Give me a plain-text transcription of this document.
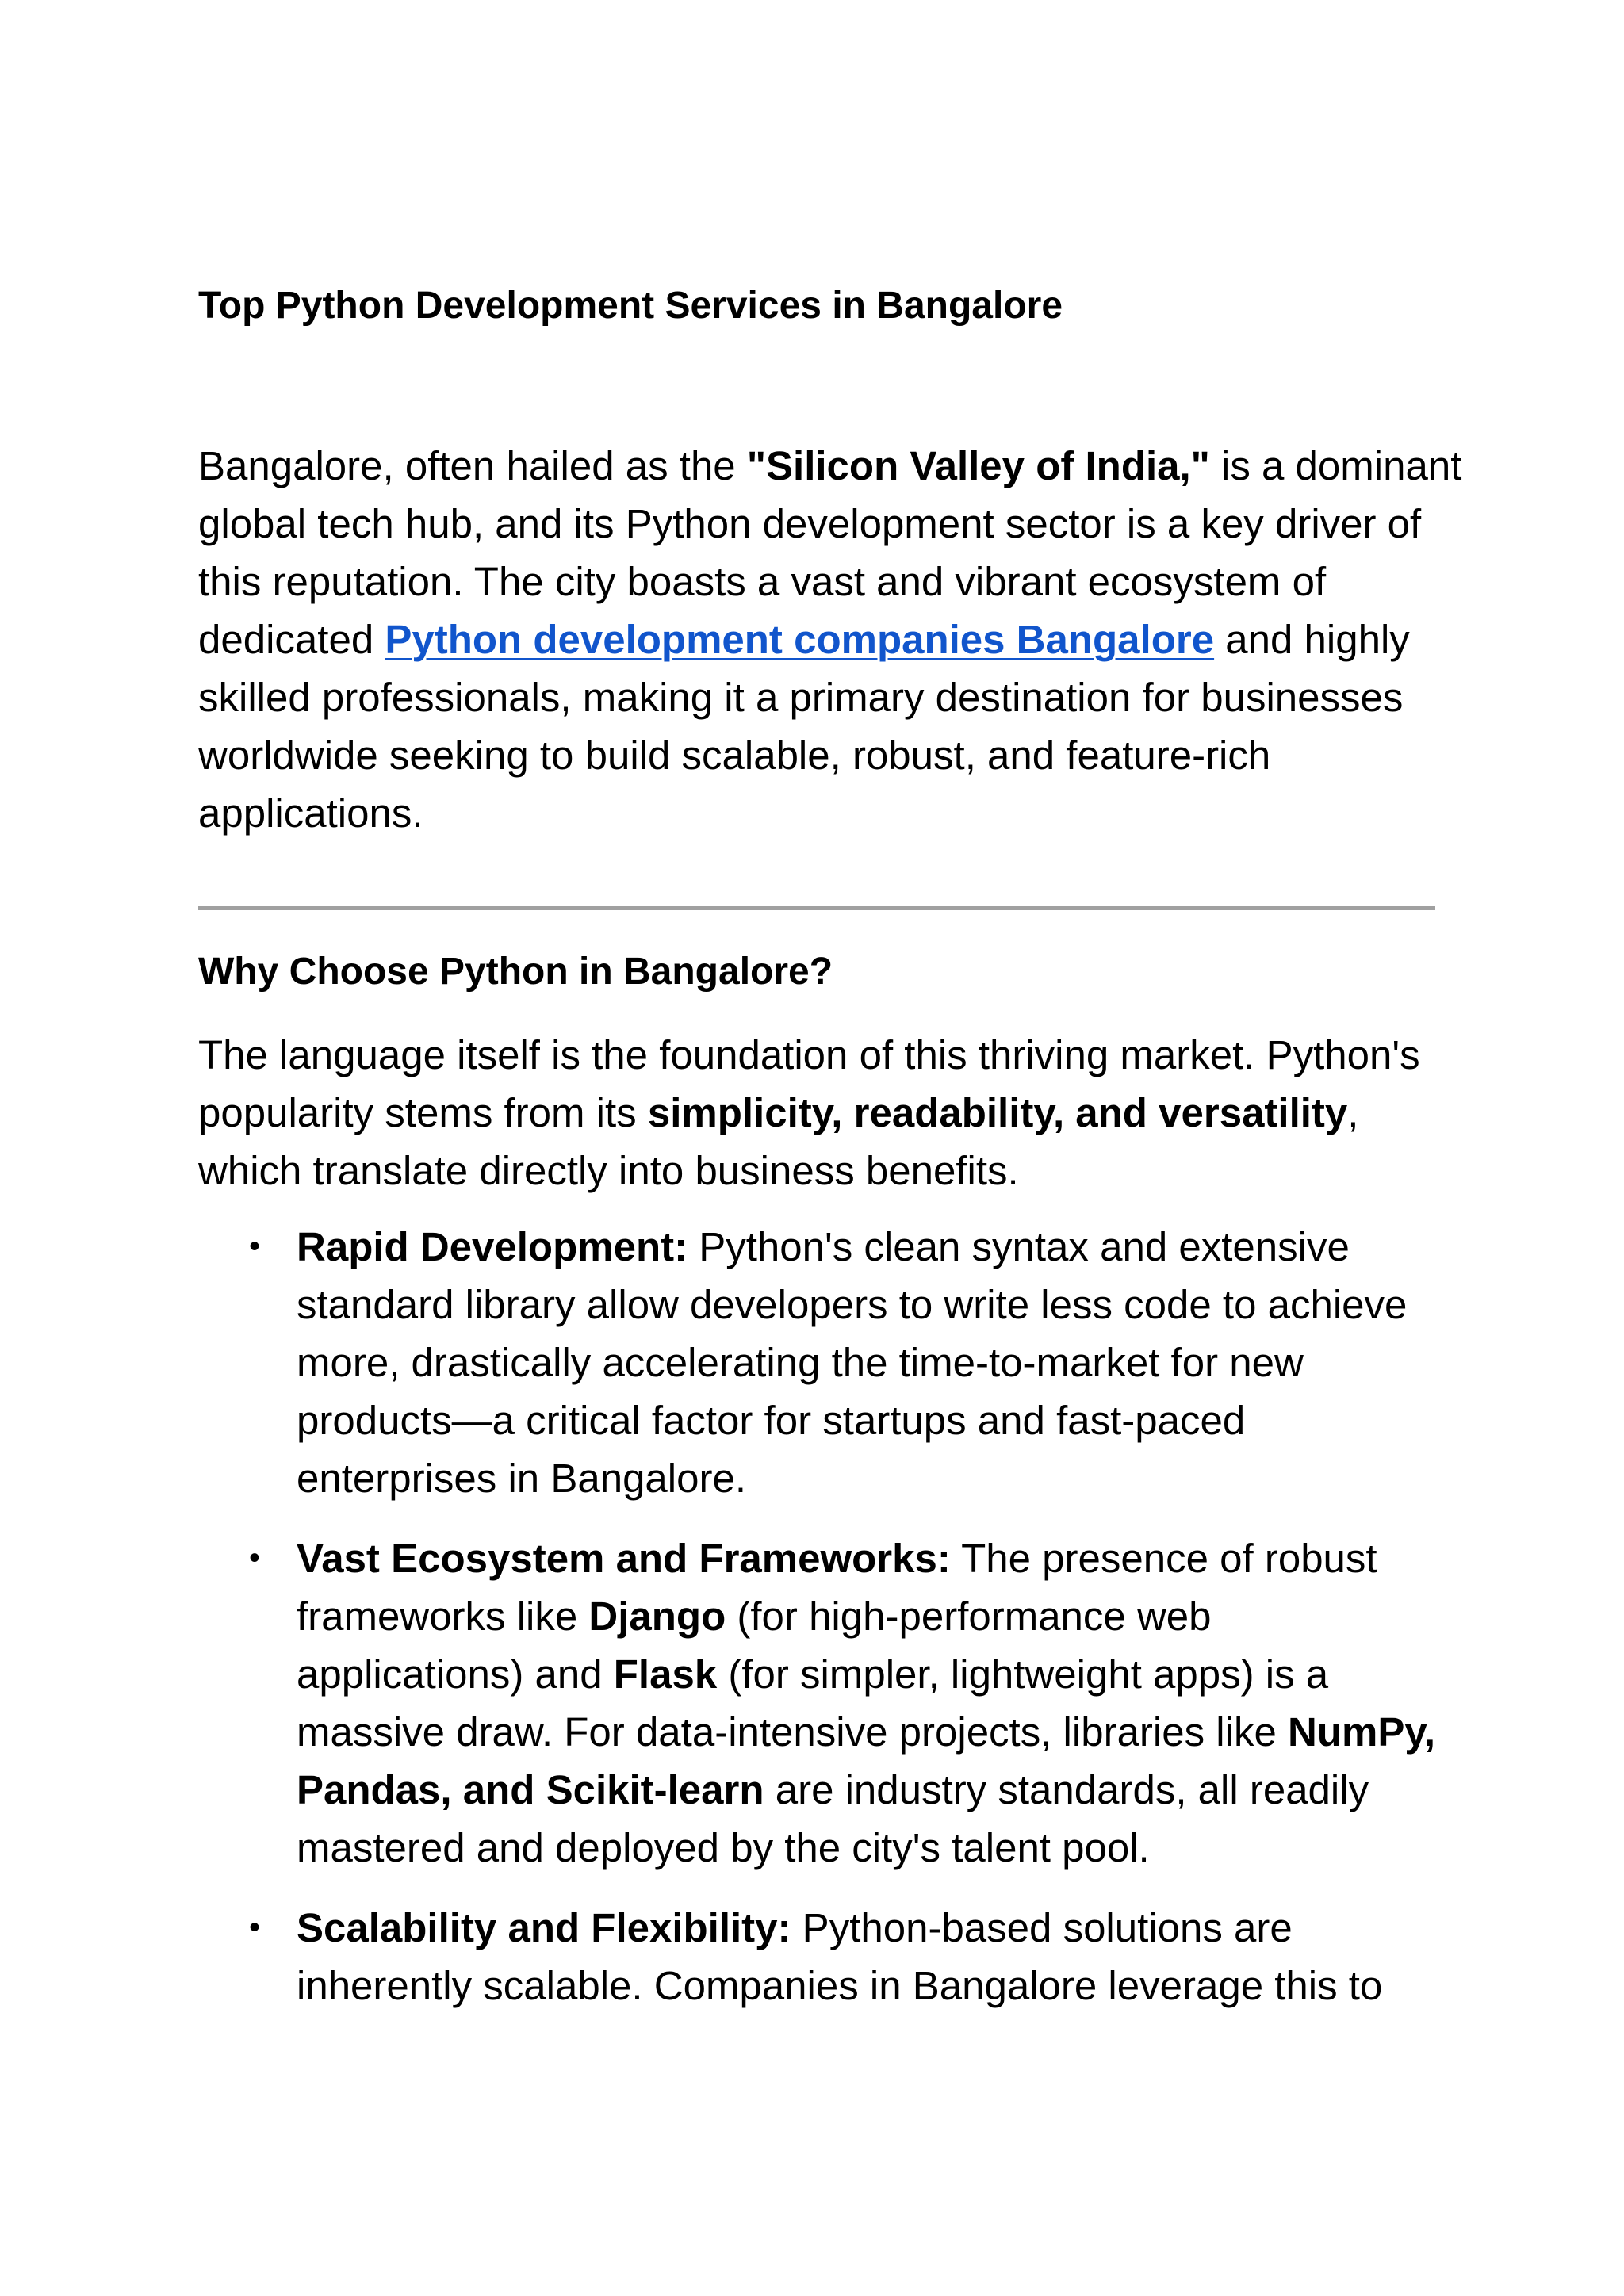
Top Python Development Services in Bangalore

Bangalore, often hailed as the "Silicon Valley of India," is a dominant
global tech hub, and its Python development sector is a key driver of
this reputation. The city boasts a vast and vibrant ecosystem of
dedicated Python development companies Bangalore and highly
skilled professionals, making it a primary destination for businesses
worldwide seeking to build scalable, robust, and feature-rich
applications.

Why Choose Python in Bangalore?

The language itself is the foundation of this thriving market. Python's
popularity stems from its simplicity, readability, and versatility,
which translate directly into business benefits.

• Rapid Development: Python's clean syntax and extensive
standard library allow developers to write less code to achieve
more, drastically accelerating the time-to-market for new
products—a critical factor for startups and fast-paced
enterprises in Bangalore.
• Vast Ecosystem and Frameworks: The presence of robust
frameworks like Django (for high-performance web
applications) and Flask (for simpler, lightweight apps) is a
massive draw. For data-intensive projects, libraries like NumPy,
Pandas, and Scikit-learn are industry standards, all readily
mastered and deployed by the city's talent pool.
• Scalability and Flexibility: Python-based solutions are
inherently scalable. Companies in Bangalore leverage this to
